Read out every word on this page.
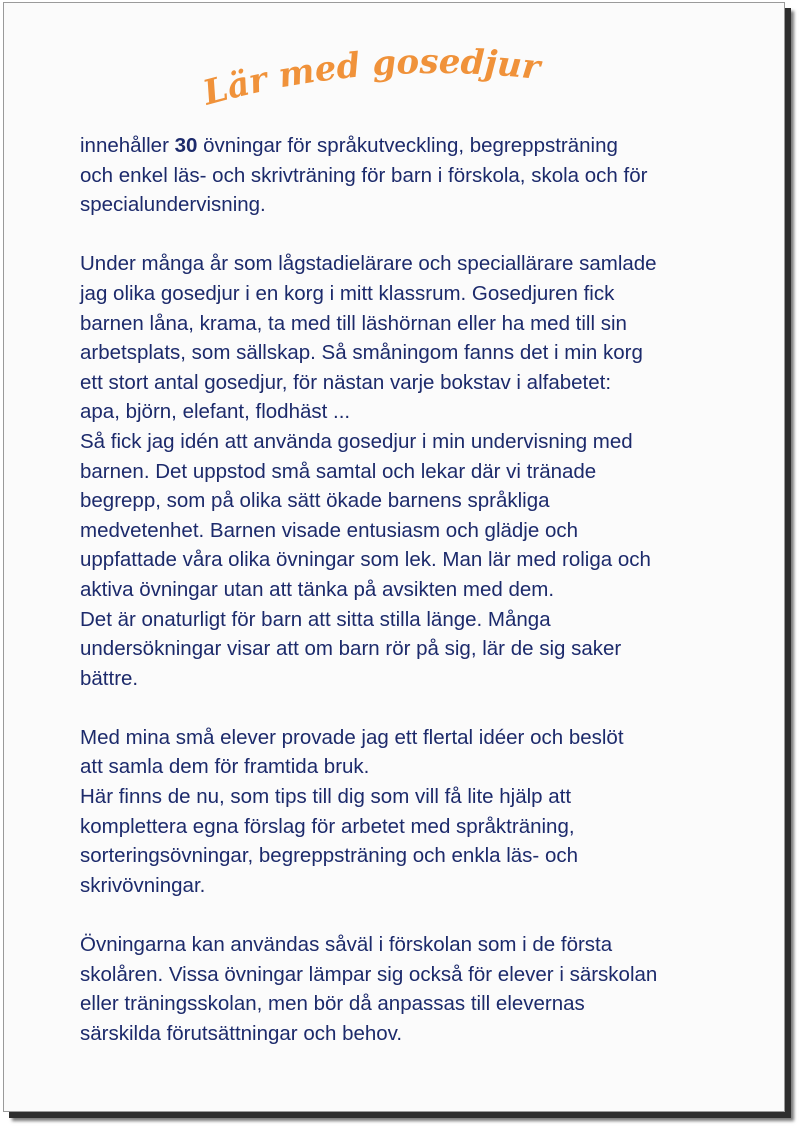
Lär med gosedjur

innehåller 30 övningar för språkutveckling, begreppsträning
och enkel läs- och skrivträning för barn i förskola, skola och för
specialundervisning.

Under många år som lågstadielärare och speciallärare samlade
jag olika gosedjur i en korg i mitt klassrum. Gosedjuren fick
barnen låna, krama, ta med till läshörnan eller ha med till sin
arbetsplats, som sällskap. Så småningom fanns det i min korg
ett stort antal gosedjur, för nästan varje bokstav i alfabetet:
apa, björn, elefant, flodhäst ...
Så fick jag idén att använda gosedjur i min undervisning med
barnen. Det uppstod små samtal och lekar där vi tränade
begrepp, som på olika sätt ökade barnens språkliga
medvetenhet. Barnen visade entusiasm och glädje och
uppfattade våra olika övningar som lek. Man lär med roliga och
aktiva övningar utan att tänka på avsikten med dem.
Det är onaturligt för barn att sitta stilla länge. Många
undersökningar visar att om barn rör på sig, lär de sig saker
bättre.

Med mina små elever provade jag ett flertal idéer och beslöt
att samla dem för framtida bruk.
Här finns de nu, som tips till dig som vill få lite hjälp att
komplettera egna förslag för arbetet med språkträning,
sorteringsövningar, begreppsträning och enkla läs- och
skrivövningar.

Övningarna kan användas såväl i förskolan som i de första
skolåren. Vissa övningar lämpar sig också för elever i särskolan
eller träningsskolan, men bör då anpassas till elevernas
särskilda förutsättningar och behov.
